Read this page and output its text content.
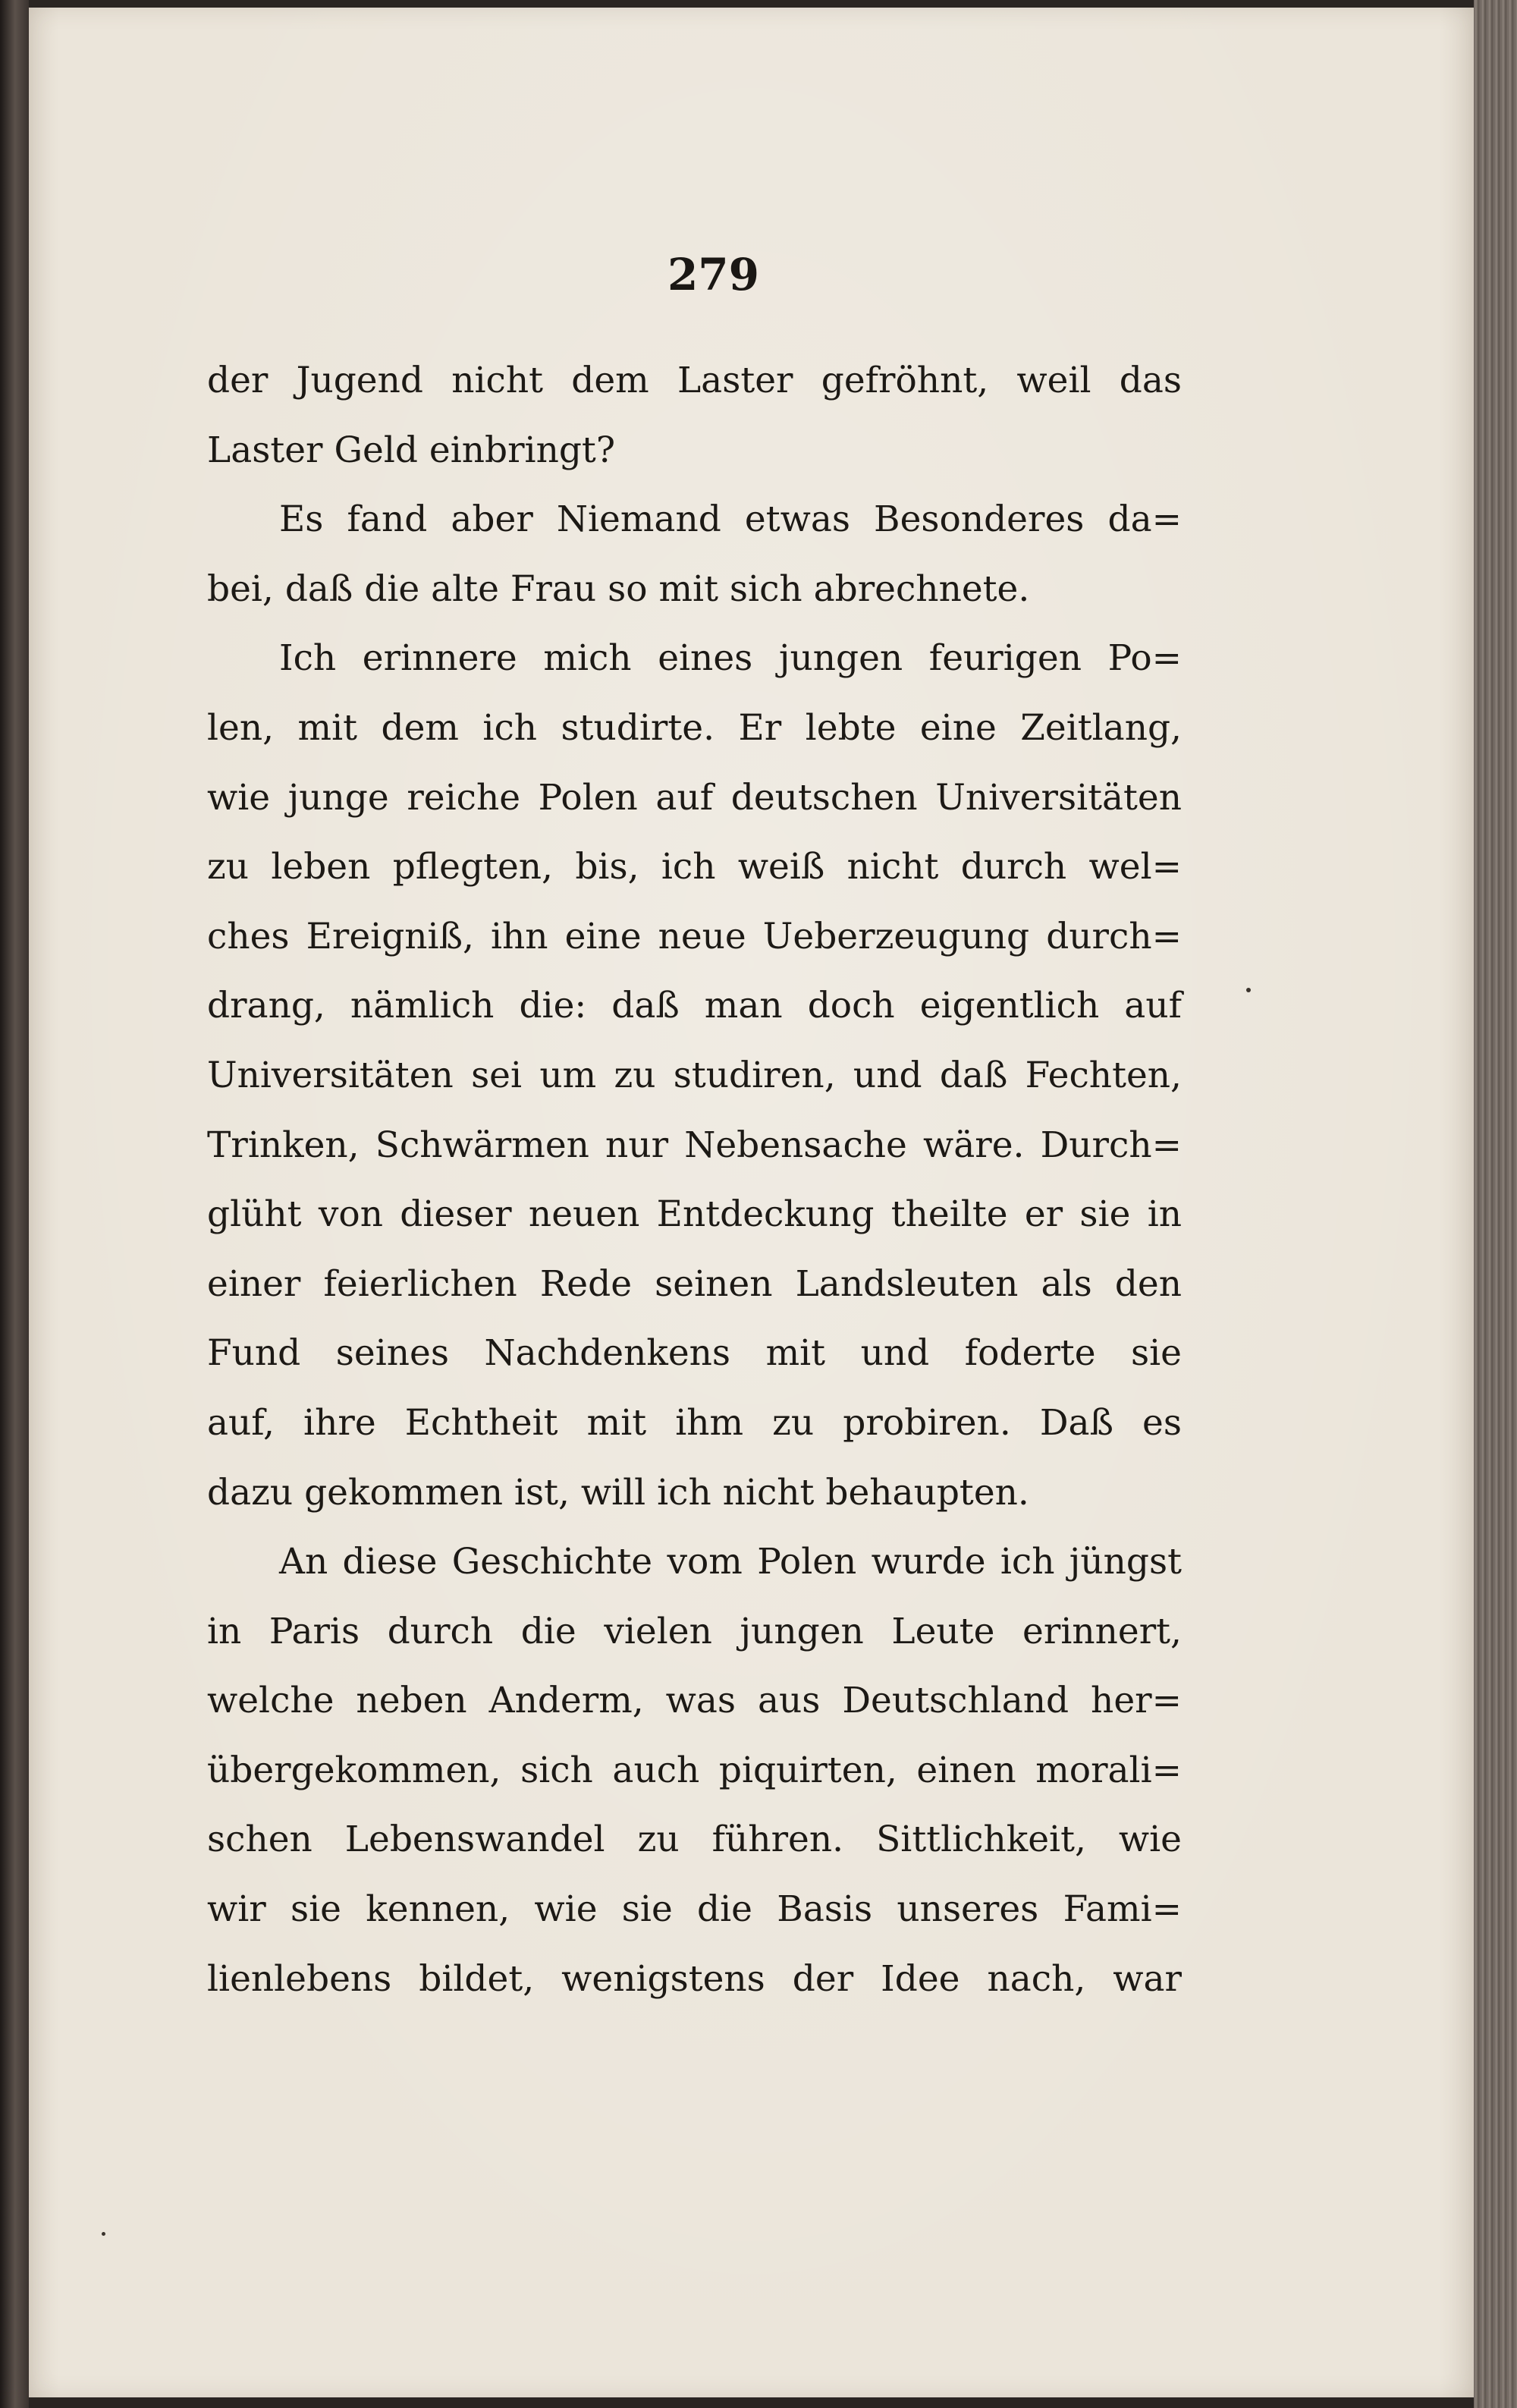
279
der Jugend nicht dem Laster gefröhnt, weil das
Laster Geld einbringt?
Es fand aber Niemand etwas Besonderes da=
bei, daß die alte Frau so mit sich abrechnete.
Ich erinnere mich eines jungen feurigen Po=
len, mit dem ich studirte. Er lebte eine Zeitlang,
wie junge reiche Polen auf deutschen Universitäten
zu leben pflegten, bis, ich weiß nicht durch wel=
ches Ereigniß, ihn eine neue Ueberzeugung durch=
drang, nämlich die: daß man doch eigentlich auf
Universitäten sei um zu studiren, und daß Fechten,
Trinken, Schwärmen nur Nebensache wäre. Durch=
glüht von dieser neuen Entdeckung theilte er sie in
einer feierlichen Rede seinen Landsleuten als den
Fund seines Nachdenkens mit und foderte sie
auf, ihre Echtheit mit ihm zu probiren. Daß es
dazu gekommen ist, will ich nicht behaupten.
An diese Geschichte vom Polen wurde ich jüngst
in Paris durch die vielen jungen Leute erinnert,
welche neben Anderm, was aus Deutschland her=
übergekommen, sich auch piquirten, einen morali=
schen Lebenswandel zu führen. Sittlichkeit, wie
wir sie kennen, wie sie die Basis unseres Fami=
lienlebens bildet, wenigstens der Idee nach, war
